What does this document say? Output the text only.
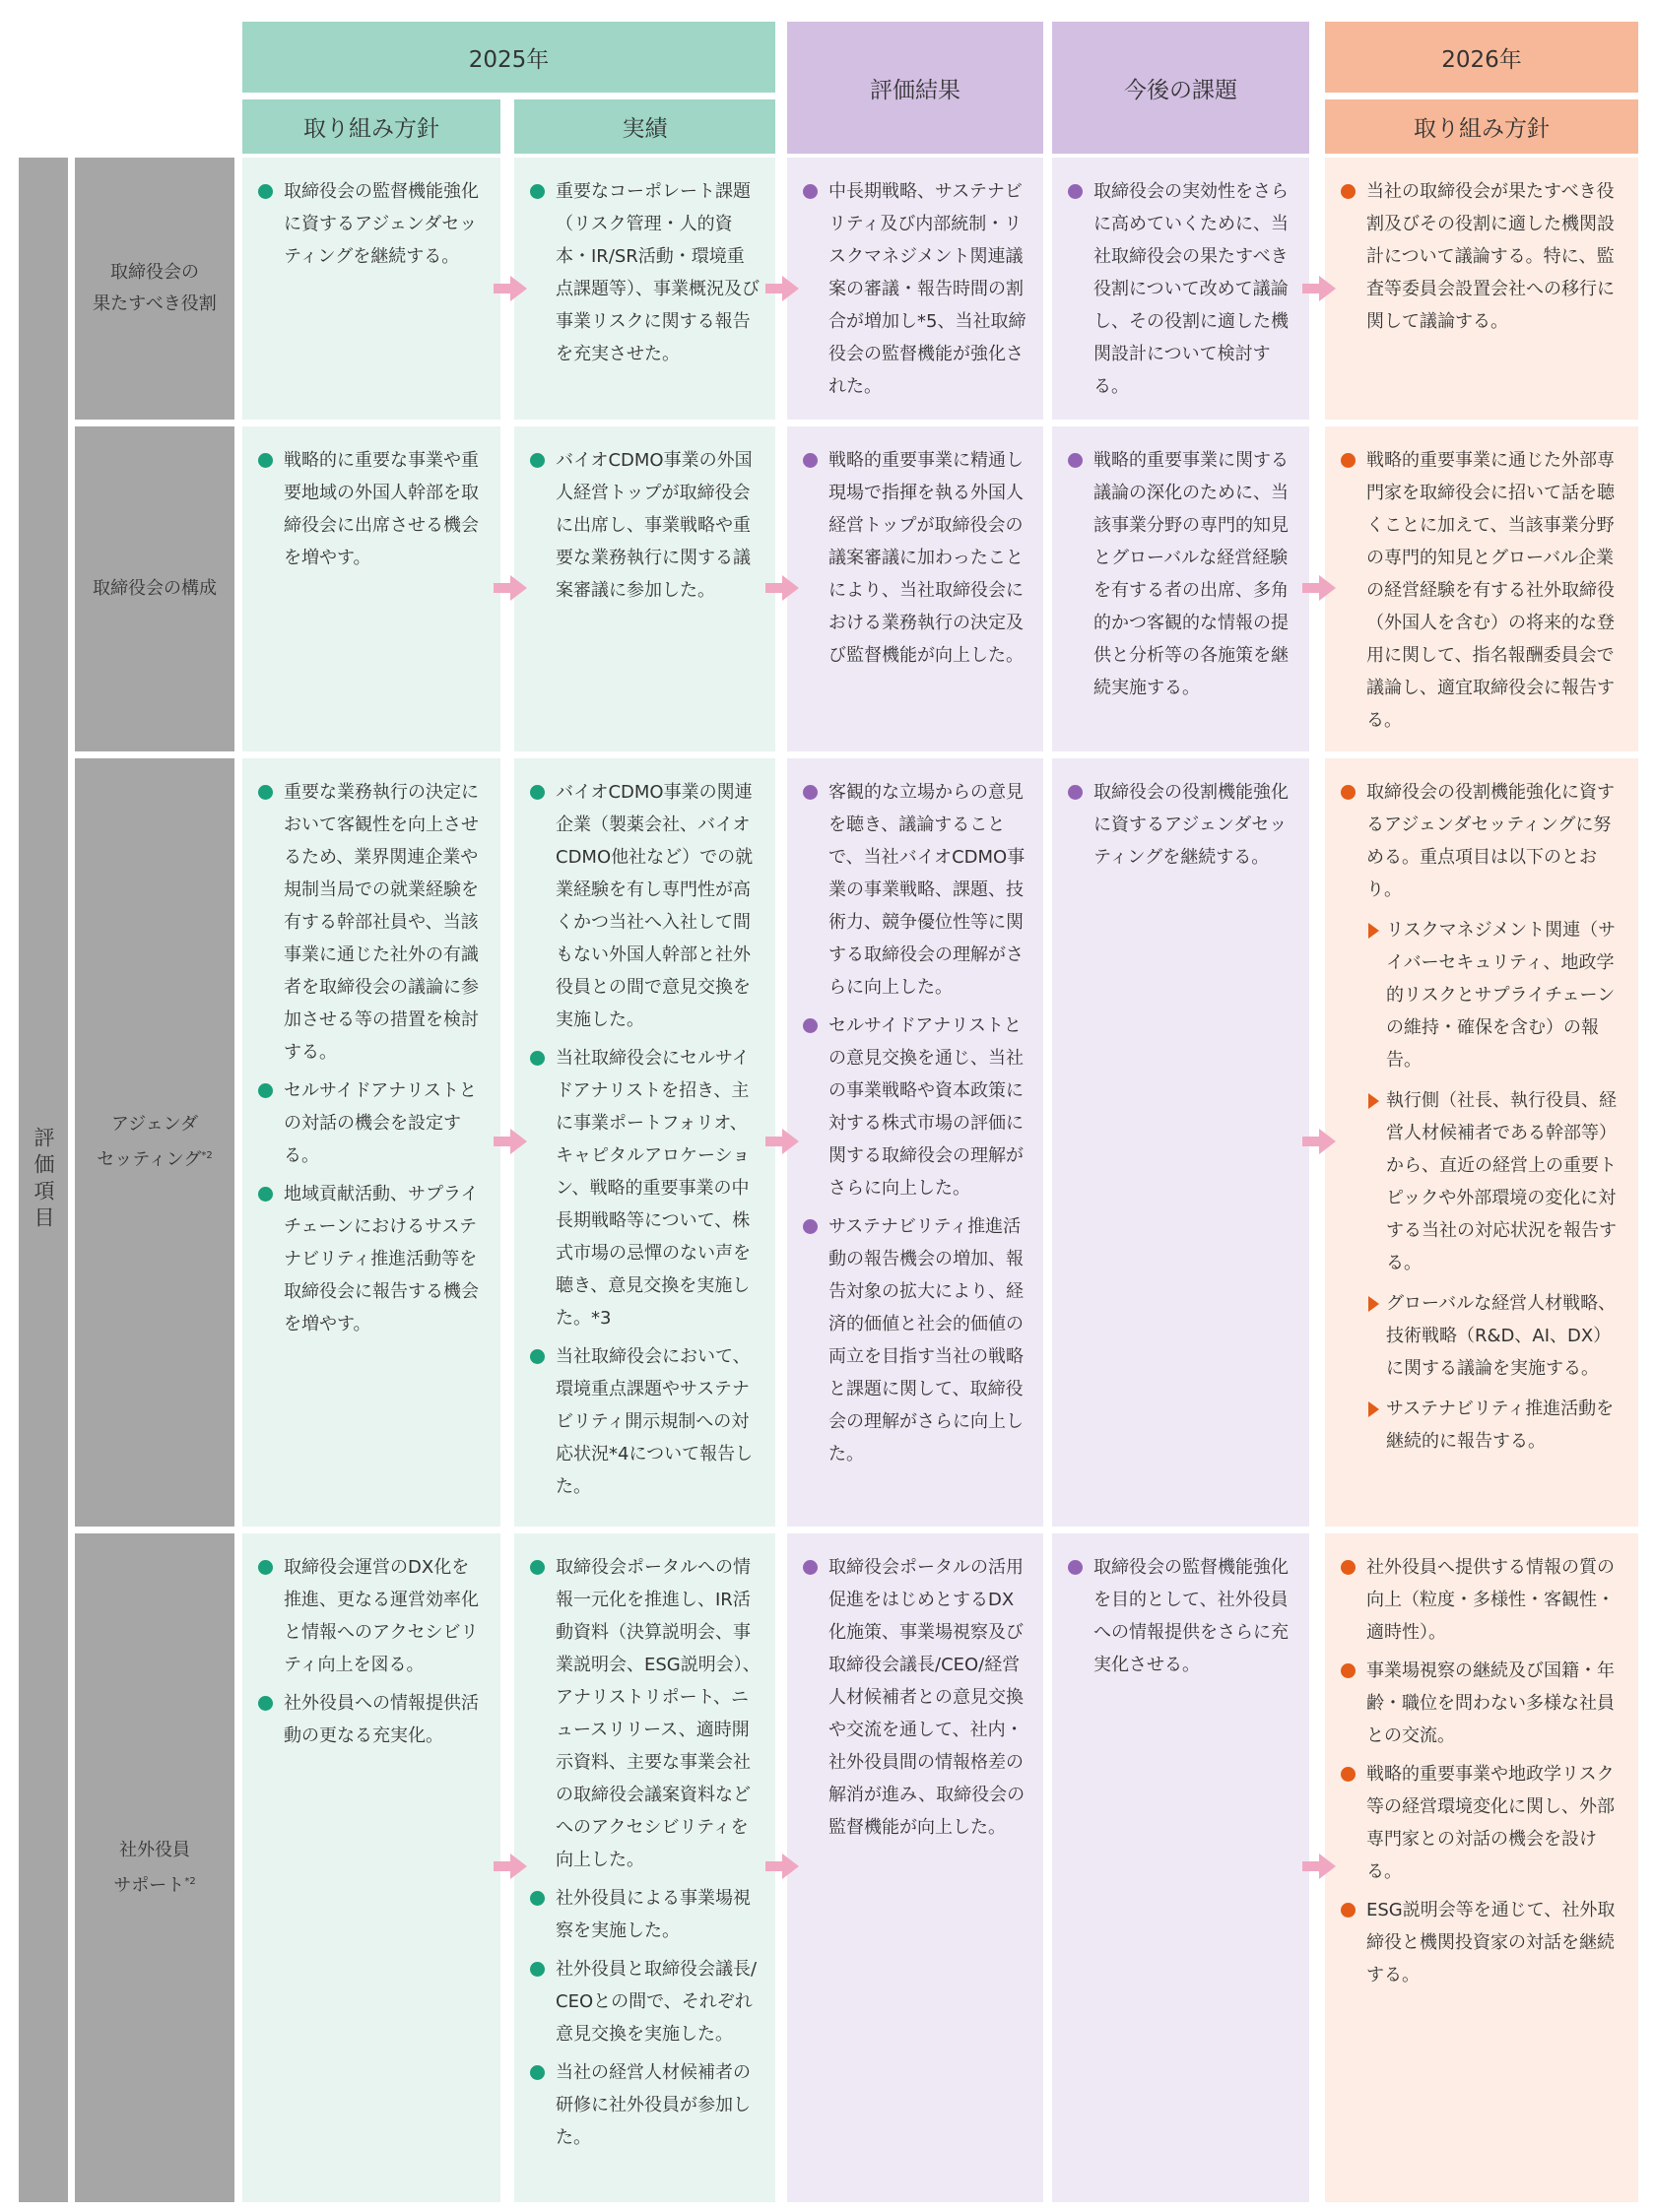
2025年
取り組み方針	実績
評価結果	今後の課題
2026年
取り組み方針
評価項目
取締役会の
果たすべき役割
取締役会の監督機能強化に資するアジェンダセッティングを継続する。
重要なコーポレート課題（リスク管理・人的資本・IR/SR活動・環境重点課題等）、事業概況及び事業リスクに関する報告を充実させた。
中長期戦略、サステナビリティ及び内部統制・リスクマネジメント関連議案の審議・報告時間の割合が増加し*5、当社取締役会の監督機能が強化された。
取締役会の実効性をさらに高めていくために、当社取締役会の果たすべき役割について改めて議論し、その役割に適した機関設計について検討する。
当社の取締役会が果たすべき役割及びその役割に適した機関設計について議論する。特に、監査等委員会設置会社への移行に関して議論する。
取締役会の構成
戦略的に重要な事業や重要地域の外国人幹部を取締役会に出席させる機会を増やす。
バイオCDMO事業の外国人経営トップが取締役会に出席し、事業戦略や重要な業務執行に関する議案審議に参加した。
戦略的重要事業に精通し現場で指揮を執る外国人経営トップが取締役会の議案審議に加わったことにより、当社取締役会における業務執行の決定及び監督機能が向上した。
戦略的重要事業に関する議論の深化のために、当該事業分野の専門的知見とグローバルな経営経験を有する者の出席、多角的かつ客観的な情報の提供と分析等の各施策を継続実施する。
戦略的重要事業に通じた外部専門家を取締役会に招いて話を聴くことに加えて、当該事業分野の専門的知見とグローバル企業の経営経験を有する社外取締役（外国人を含む）の将来的な登用に関して、指名報酬委員会で議論し、適宜取締役会に報告する。
アジェンダ
セッティング$^{*2}$
重要な業務執行の決定において客観性を向上させるため、業界関連企業や規制当局での就業経験を有する幹部社員や、当該事業に通じた社外の有識者を取締役会の議論に参加させる等の措置を検討する。
セルサイドアナリストとの対話の機会を設定する。
地域貢献活動、サプライチェーンにおけるサステナビリティ推進活動等を取締役会に報告する機会を増やす。
バイオCDMO事業の関連企業（製薬会社、バイオCDMO他社など）での就業経験を有し専門性が高くかつ当社へ入社して間もない外国人幹部と社外役員との間で意見交換を実施した。
当社取締役会にセルサイドアナリストを招き、主に事業ポートフォリオ、キャピタルアロケーション、戦略的重要事業の中長期戦略等について、株式市場の忌憚のない声を聴き、意見交換を実施した。*3
当社取締役会において、環境重点課題やサステナビリティ開示規制への対応状況*4について報告した。
客観的な立場からの意見を聴き、議論することで、当社バイオCDMO事業の事業戦略、課題、技術力、競争優位性等に関する取締役会の理解がさらに向上した。
セルサイドアナリストとの意見交換を通じ、当社の事業戦略や資本政策に対する株式市場の評価に関する取締役会の理解がさらに向上した。
サステナビリティ推進活動の報告機会の増加、報告対象の拡大により、経済的価値と社会的価値の両立を目指す当社の戦略と課題に関して、取締役会の理解がさらに向上した。
取締役会の役割機能強化に資するアジェンダセッティングを継続する。
取締役会の役割機能強化に資するアジェンダセッティングに努める。重点項目は以下のとおり。
リスクマネジメント関連（サイバーセキュリティ、地政学的リスクとサプライチェーンの維持・確保を含む）の報告。
執行側（社長、執行役員、経営人材候補者である幹部等）から、直近の経営上の重要トピックや外部環境の変化に対する当社の対応状況を報告する。
グローバルな経営人材戦略、技術戦略（R&D、AI、DX）に関する議論を実施する。
サステナビリティ推進活動を継続的に報告する。
社外役員
サポート$^{*2}$
取締役会運営のDX化を推進、更なる運営効率化と情報へのアクセシビリティ向上を図る。
社外役員への情報提供活動の更なる充実化。
取締役会ポータルへの情報一元化を推進し、IR活動資料（決算説明会、事業説明会、ESG説明会）、アナリストリポート、ニュースリリース、適時開示資料、主要な事業会社の取締役会議案資料などへのアクセシビリティを向上した。
社外役員による事業場視察を実施した。
社外役員と取締役会議長/CEOとの間で、それぞれ意見交換を実施した。
当社の経営人材候補者の研修に社外役員が参加した。
取締役会ポータルの活用促進をはじめとするDX化施策、事業場視察及び取締役会議長/CEO/経営人材候補者との意見交換や交流を通して、社内・社外役員間の情報格差の解消が進み、取締役会の監督機能が向上した。
取締役会の監督機能強化を目的として、社外役員への情報提供をさらに充実化させる。
社外役員へ提供する情報の質の向上（粒度・多様性・客観性・適時性）。
事業場視察の継続及び国籍・年齢・職位を問わない多様な社員との交流。
戦略的重要事業や地政学リスク等の経営環境変化に関し、外部専門家との対話の機会を設ける。
ESG説明会等を通じて、社外取締役と機関投資家の対話を継続する。
